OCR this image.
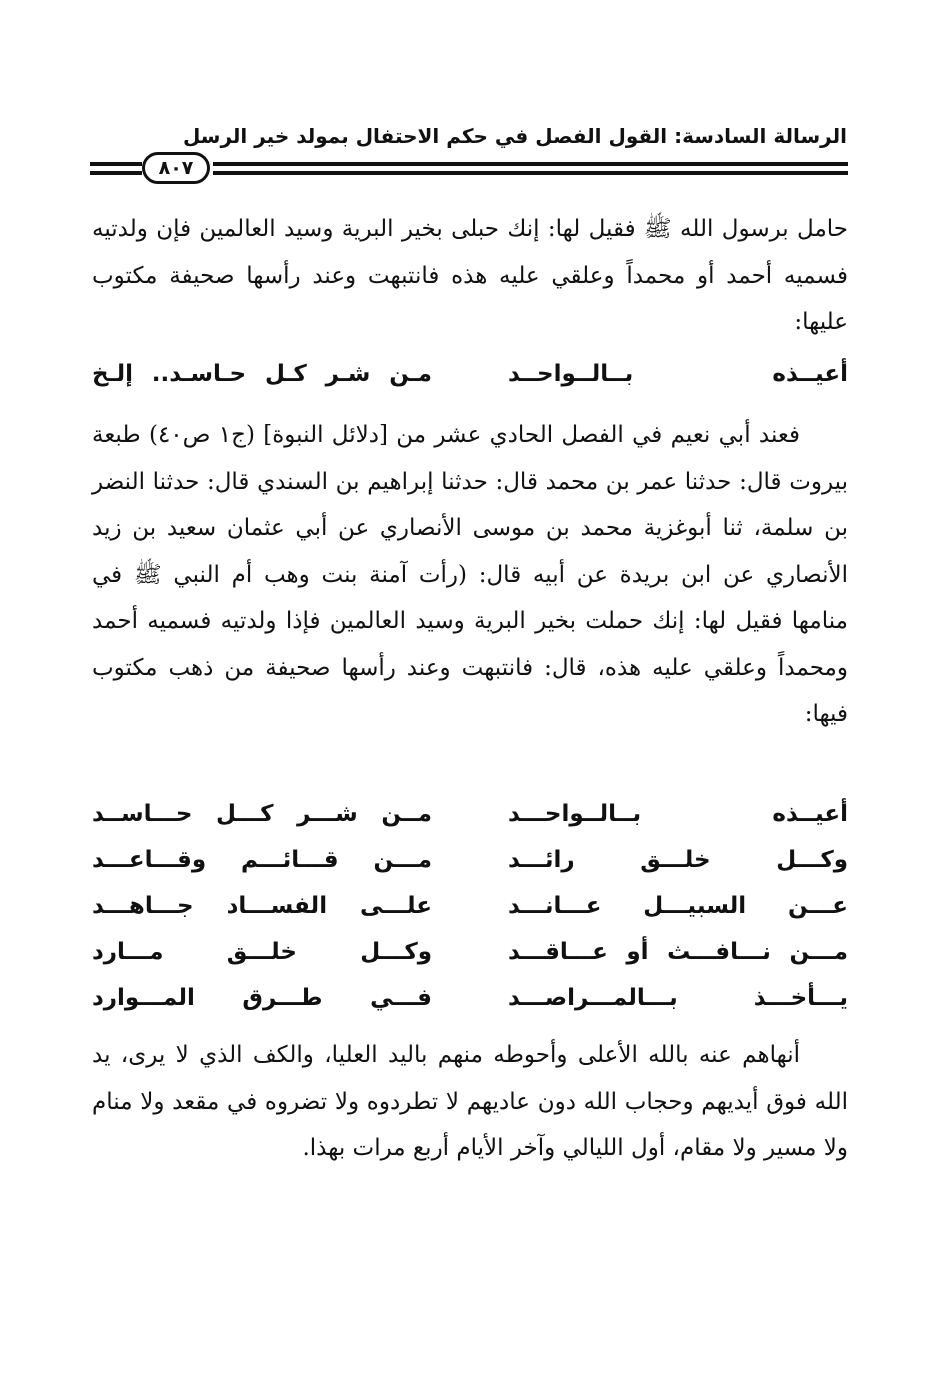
الرسالة السادسة: القول الفصل في حكم الاحتفال بمولد خير الرسل
٨٠٧

حامل برسول الله ﷺ فقيل لها: إنك حبلى بخير البرية وسيد العالمين فإن ولدتيه فسميه أحمد أو محمداً وعلقي عليه هذه فانتبهت وعند رأسها صحيفة مكتوب عليها:

أعيــذه بــالــواحــد
مـن شـر كـل حـاسـد.. إلـخ

فعند أبي نعيم في الفصل الحادي عشر من [دلائل النبوة] (ج١ ص٤٠) طبعة بيروت قال: حدثنا عمر بن محمد قال: حدثنا إبراهيم بن السندي قال: حدثنا النضر بن سلمة، ثنا أبوغزية محمد بن موسى الأنصاري عن أبي عثمان سعيد بن زيد الأنصاري عن ابن بريدة عن أبيه قال: (رأت آمنة بنت وهب أم النبي ﷺ في منامها فقيل لها: إنك حملت بخير البرية وسيد العالمين فإذا ولدتيه فسميه أحمد ومحمداً وعلقي عليه هذه، قال: فانتبهت وعند رأسها صحيفة من ذهب مكتوب فيها:

أعيــذه بــالــواحـــد
مــن شـــر كـــل حـــاســد
وكـــل خلـــق رائـــد
مـــن قـــائـــم وقـــاعـــد
عـــن السبيـــل عـــانـــد
علـــى الفســـاد جـــاهـــد
مـــن نـــافـــث أو عـــاقـــد
وكـــل خلـــق مـــارد
يـــأخـــذ بـــالمـــراصـــد
فـــي طـــرق المـــوارد

أنهاهم عنه بالله الأعلى وأحوطه منهم باليد العليا، والكف الذي لا يرى، يد الله فوق أيديهم وحجاب الله دون عاديهم لا تطردوه ولا تضروه في مقعد ولا منام ولا مسير ولا مقام، أول الليالي وآخر الأيام أربع مرات بهذا.
